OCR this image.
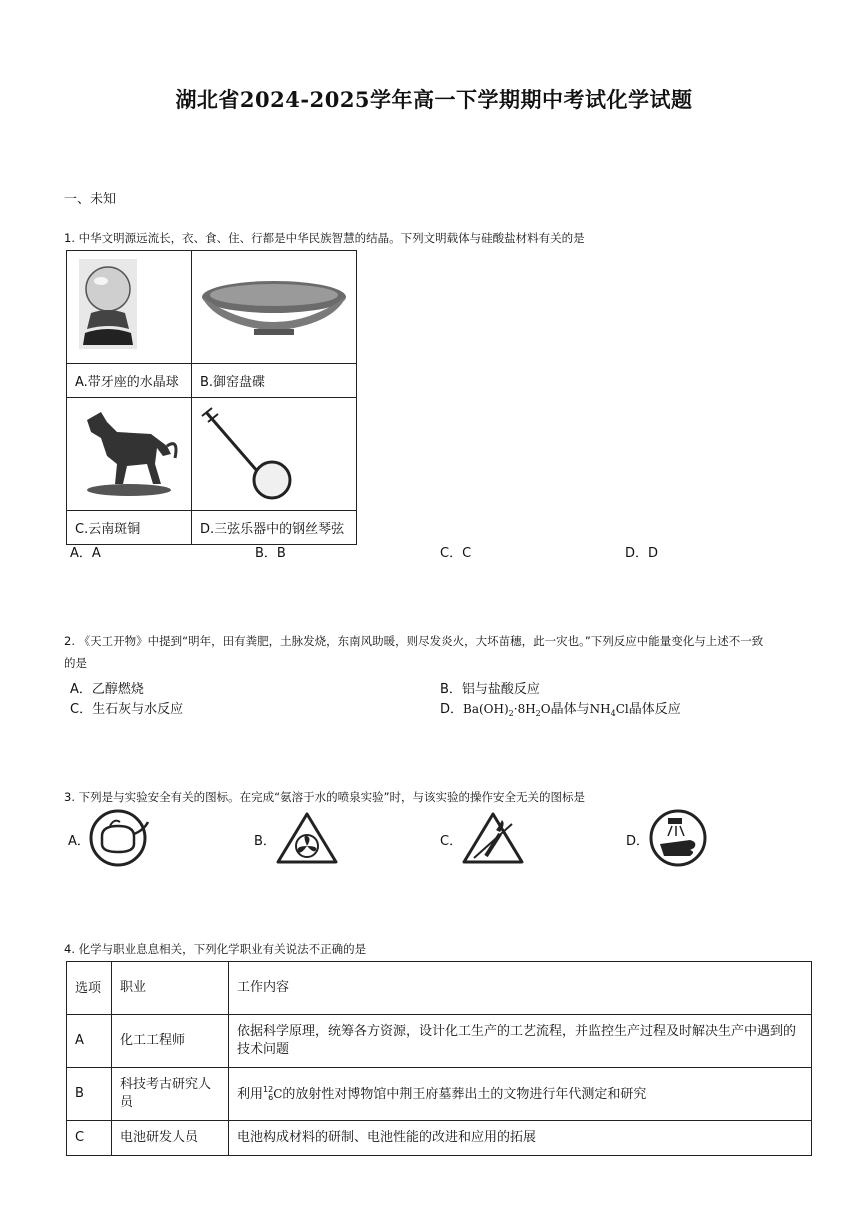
湖北省2024-2025学年高一下学期期中考试化学试题
一、未知
1. 中华文明源远流长，衣、食、住、行都是中华民族智慧的结晶。下列文明载体与硅酸盐材料有关的是

A.带牙座的水晶球	B.御窑盘碟

C.云南斑铜	D.三弦乐器中的钢丝琴弦
A．A	B．B	C．C	D．D
2. 《天工开物》中提到“明年，田有粪肥，土脉发烧，东南风助暖，则尽发炎火，大坏苗穗，此一灾也。”下列反应中能量变化与上述不一致
的是
A．乙醇燃烧	B．铝与盐酸反应
C．生石灰与水反应	D．$Ba(OH)_2\cdot 8H_2O$晶体与$NH_4Cl$晶体反应
3. 下列是与实验安全有关的图标。在完成“氨溶于水的喷泉实验”时，与该实验的操作安全无关的图标是
A．	B．	C．	D．
4. 化学与职业息息相关，下列化学职业有关说法不正确的是
选项	职业	工作内容
A	化工工程师	依据科学原理，统筹各方资源，设计化工生产的工艺流程，并监控生产过程及时解决生产中遇到的技术问题
B	科技考古研究人员	利用 12
6 C的放射性对博物馆中荆王府墓葬出土的文物进行年代测定和研究
C	电池研发人员	电池构成材料的研制、电池性能的改进和应用的拓展
